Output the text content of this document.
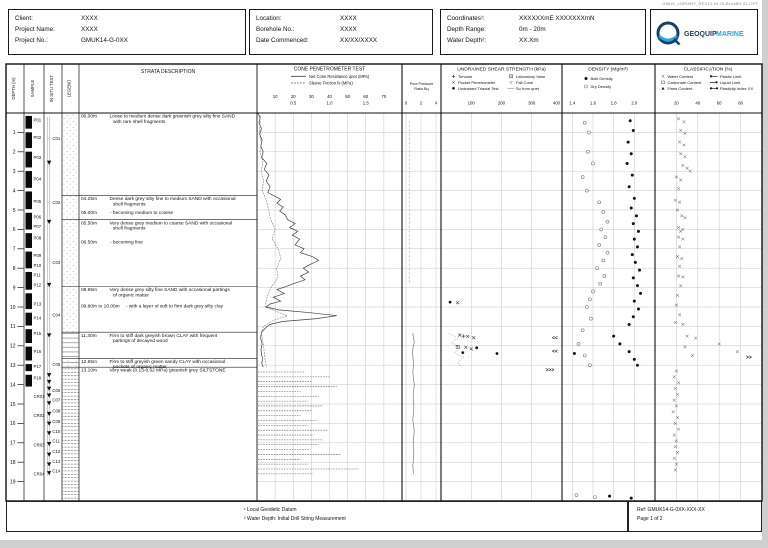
GMUK_LIBRARY_REV13-04-GLBLxyBH-01-CPT
Client:	XXXX
Project Name:	XXXX
Project No.:	GMUK14-G-0XX
Location:	XXXX
Borehole No.:	XXXX
Date Commenced:	XX/XX/XXXX
Coordinates¹:	XXXXXXmE XXXXXXXmN
Depth Range:	0m - 20m
Water Depth²:	XX.Xm
GEOQUIP MARINE
<<
<<
>>>
>>
P01
P02
P03
P04
P05
P06
P07
P08
P09
P10
P11
P12
P13
P14
P15
P16
P17
P18
CR01
CR02
CR03
CR04
C01
C02
C03
C04
C05
C06
C07
C08
C09
C10
C11
C12
C13
C14
1
2
3
4
5
6
7
8
9
10
11
12
13
14
15
16
17
18
19
00.00m	Loose to medium dense dark greenish grey silty fine SAND
with rare shell fragments
04.25m	Dense dark grey silty fine to medium SAND with occasional
shell fragments
05.00m	- becoming medium to coarse
05.50m	Very dense grey medium to coarse SAND with occasional
shell fragments
06.50m	- becoming fine
08.95m	Very dense grey silty fine SAND with occasional partings
of organic matter
09.80m to 10.00m - with a layer of soft to firm dark grey silty clay
11.30m	Firm to stiff dark greyish brown CLAY with frequent
partings of decayed wood
12.65m	Firm to stiff greyish green sandy CLAY with occasional
pockets of organic matter
13.10m	Very weak (0.13-0.52 MPa) greenish grey SILTSTONE
DEPTH (m)	SAMPLE	IN SITU TEST	LEGEND
STRATA DESCRIPTION	CONE PENETROMETER TEST
Net Cone Resistance qnet (MPa)
Sleeve Friction fs (MPa)
10	20	30	40	50	60	70
0.5	1.0	1.5
Pore Pressure
Ratio Bq
0	2	4
UNDRAINED SHEAR STRENGTH (kPa)
Torvane
Pocket Penetrometer
Undrained Triaxial Test
Laboratory Vane
▽ Fall Cone
Su from qnet
100	200	300	400
DENSITY (Mg/m³)
Bulk Density
Dry Density
1.4	1.6	1.8	2.0
CLASSIFICATION (%)
Water Content
Carbonate Content
Fines Content
Plastic Limit
Liquid Limit
Plasticity Index XX
20	40	60	80
¹ Local Geodetic Datum
² Water Depth: Initial Drill String Measurement
Ref: GMUK14-G-0XX-XXX-XX
Page 1 of 2
